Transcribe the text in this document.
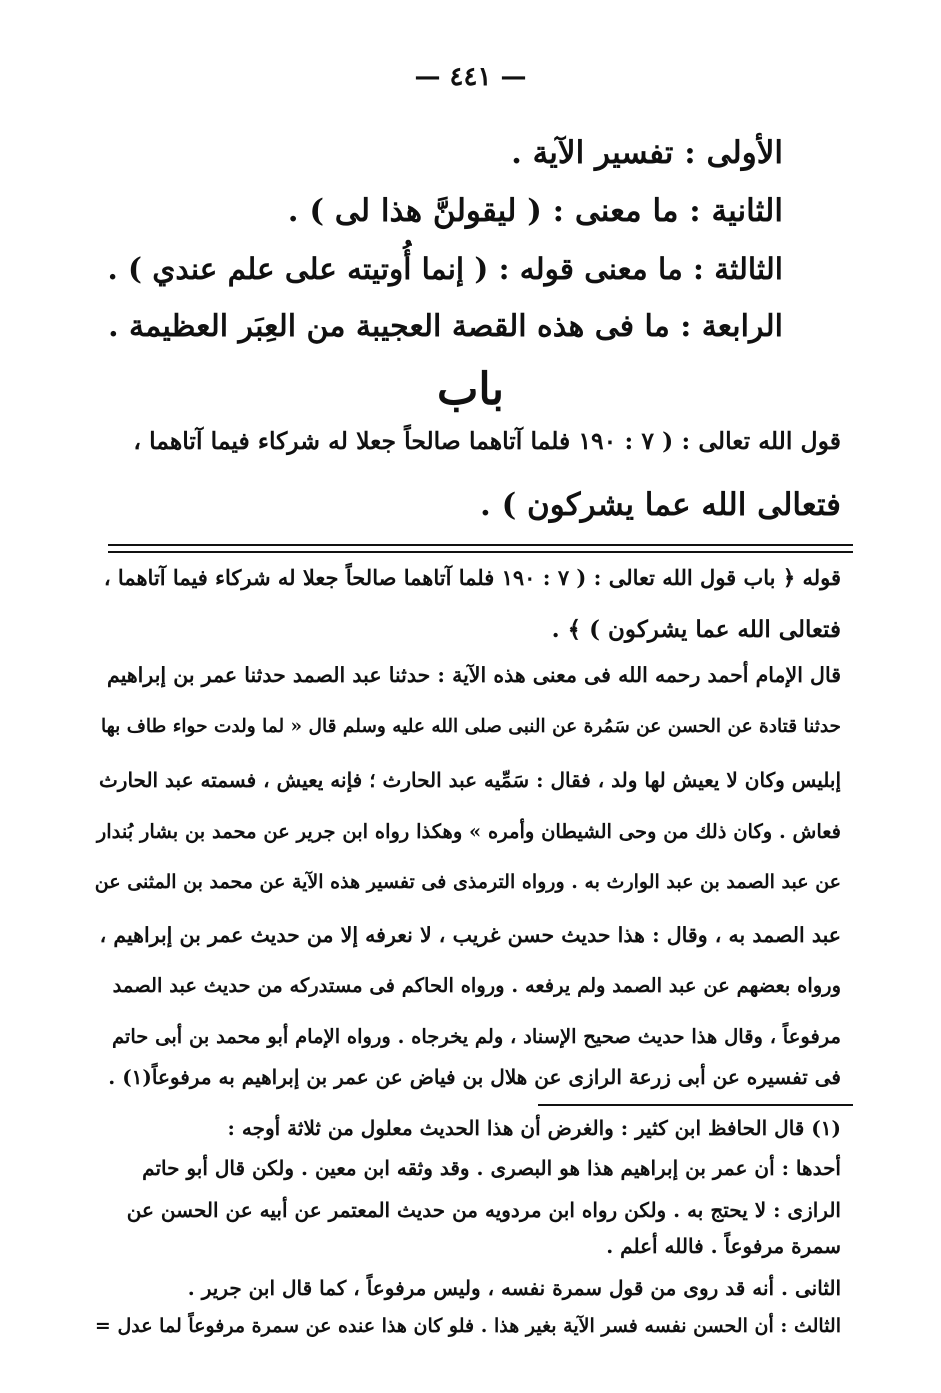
— ٤٤١ —
الأولى : تفسير الآية .
الثانية : ما معنى : ( ليقولنَّ هذا لى ) .
الثالثة : ما معنى قوله : ( إنما أُوتيته على علم عندي ) .
الرابعة : ما فى هذه القصة العجيبة من العِبَر العظيمة .
باب
قول الله تعالى : ( ٧ : ١٩٠ فلما آتاهما صالحاً جعلا له شركاء فيما آتاهما ،
فتعالى الله عما يشركون ) .
قوله ﴿ باب قول الله تعالى : ( ٧ : ١٩٠ فلما آتاهما صالحاً جعلا له شركاء فيما آتاهما ،
فتعالى الله عما يشركون ) ﴾ .
قال الإمام أحمد رحمه الله فى معنى هذه الآية : حدثنا عبد الصمد حدثنا عمر بن إبراهيم
حدثنا قتادة عن الحسن عن سَمُرة عن النبى صلى الله عليه وسلم قال « لما ولدت حواء طاف بها
إبليس وكان لا يعيش لها ولد ، فقال : سَمِّيه عبد الحارث ؛ فإنه يعيش ، فسمته عبد الحارث
فعاش . وكان ذلك من وحى الشيطان وأمره » وهكذا رواه ابن جرير عن محمد بن بشار بُندار
عن عبد الصمد بن عبد الوارث به . ورواه الترمذى فى تفسير هذه الآية عن محمد بن المثنى عن
عبد الصمد به ، وقال : هذا حديث حسن غريب ، لا نعرفه إلا من حديث عمر بن إبراهيم ،
ورواه بعضهم عن عبد الصمد ولم يرفعه . ورواه الحاكم فى مستدركه من حديث عبد الصمد
مرفوعاً ، وقال هذا حديث صحيح الإسناد ، ولم يخرجاه . ورواه الإمام أبو محمد بن أبى حاتم
فى تفسيره عن أبى زرعة الرازى عن هلال بن فياض عن عمر بن إبراهيم به مرفوعاً(١) .
(١) قال الحافظ ابن كثير : والغرض أن هذا الحديث معلول من ثلاثة أوجه :
أحدها : أن عمر بن إبراهيم هذا هو البصرى . وقد وثقه ابن معين . ولكن قال أبو حاتم
الرازى : لا يحتج به . ولكن رواه ابن مردويه من حديث المعتمر عن أبيه عن الحسن عن
سمرة مرفوعاً . فالله أعلم .
الثانى . أنه قد روى من قول سمرة نفسه ، وليس مرفوعاً ، كما قال ابن جرير .
الثالث : أن الحسن نفسه فسر الآية بغير هذا . فلو كان هذا عنده عن سمرة مرفوعاً لما عدل =
